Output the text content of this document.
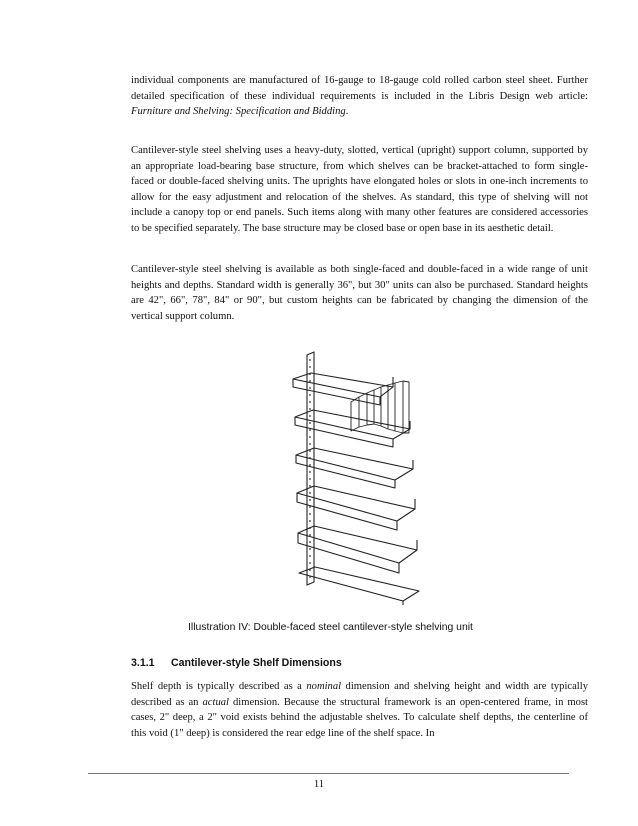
individual components are manufactured of 16-gauge to 18-gauge cold rolled carbon steel sheet. Further detailed specification of these individual requirements is included in the Libris Design web article: Furniture and Shelving: Specification and Bidding.

Cantilever-style steel shelving uses a heavy-duty, slotted, vertical (upright) support column, supported by an appropriate load-bearing base structure, from which shelves can be bracket-attached to form single-faced or double-faced shelving units. The uprights have elongated holes or slots in one-inch increments to allow for the easy adjustment and relocation of the shelves. As standard, this type of shelving will not include a canopy top or end panels. Such items along with many other features are considered accessories to be specified separately. The base structure may be closed base or open base in its aesthetic detail.

Cantilever-style steel shelving is available as both single-faced and double-faced in a wide range of unit heights and depths. Standard width is generally 36", but 30" units can also be purchased. Standard heights are 42", 66", 78", 84" or 90", but custom heights can be fabricated by changing the dimension of the vertical support column.

Illustration IV: Double-faced steel cantilever-style shelving unit

3.1.1 Cantilever-style Shelf Dimensions

Shelf depth is typically described as a nominal dimension and shelving height and width are typically described as an actual dimension. Because the structural framework is an open-centered frame, in most cases, 2" deep, a 2" void exists behind the adjustable shelves. To calculate shelf depths, the centerline of this void (1" deep) is considered the rear edge line of the shelf space. In

11
